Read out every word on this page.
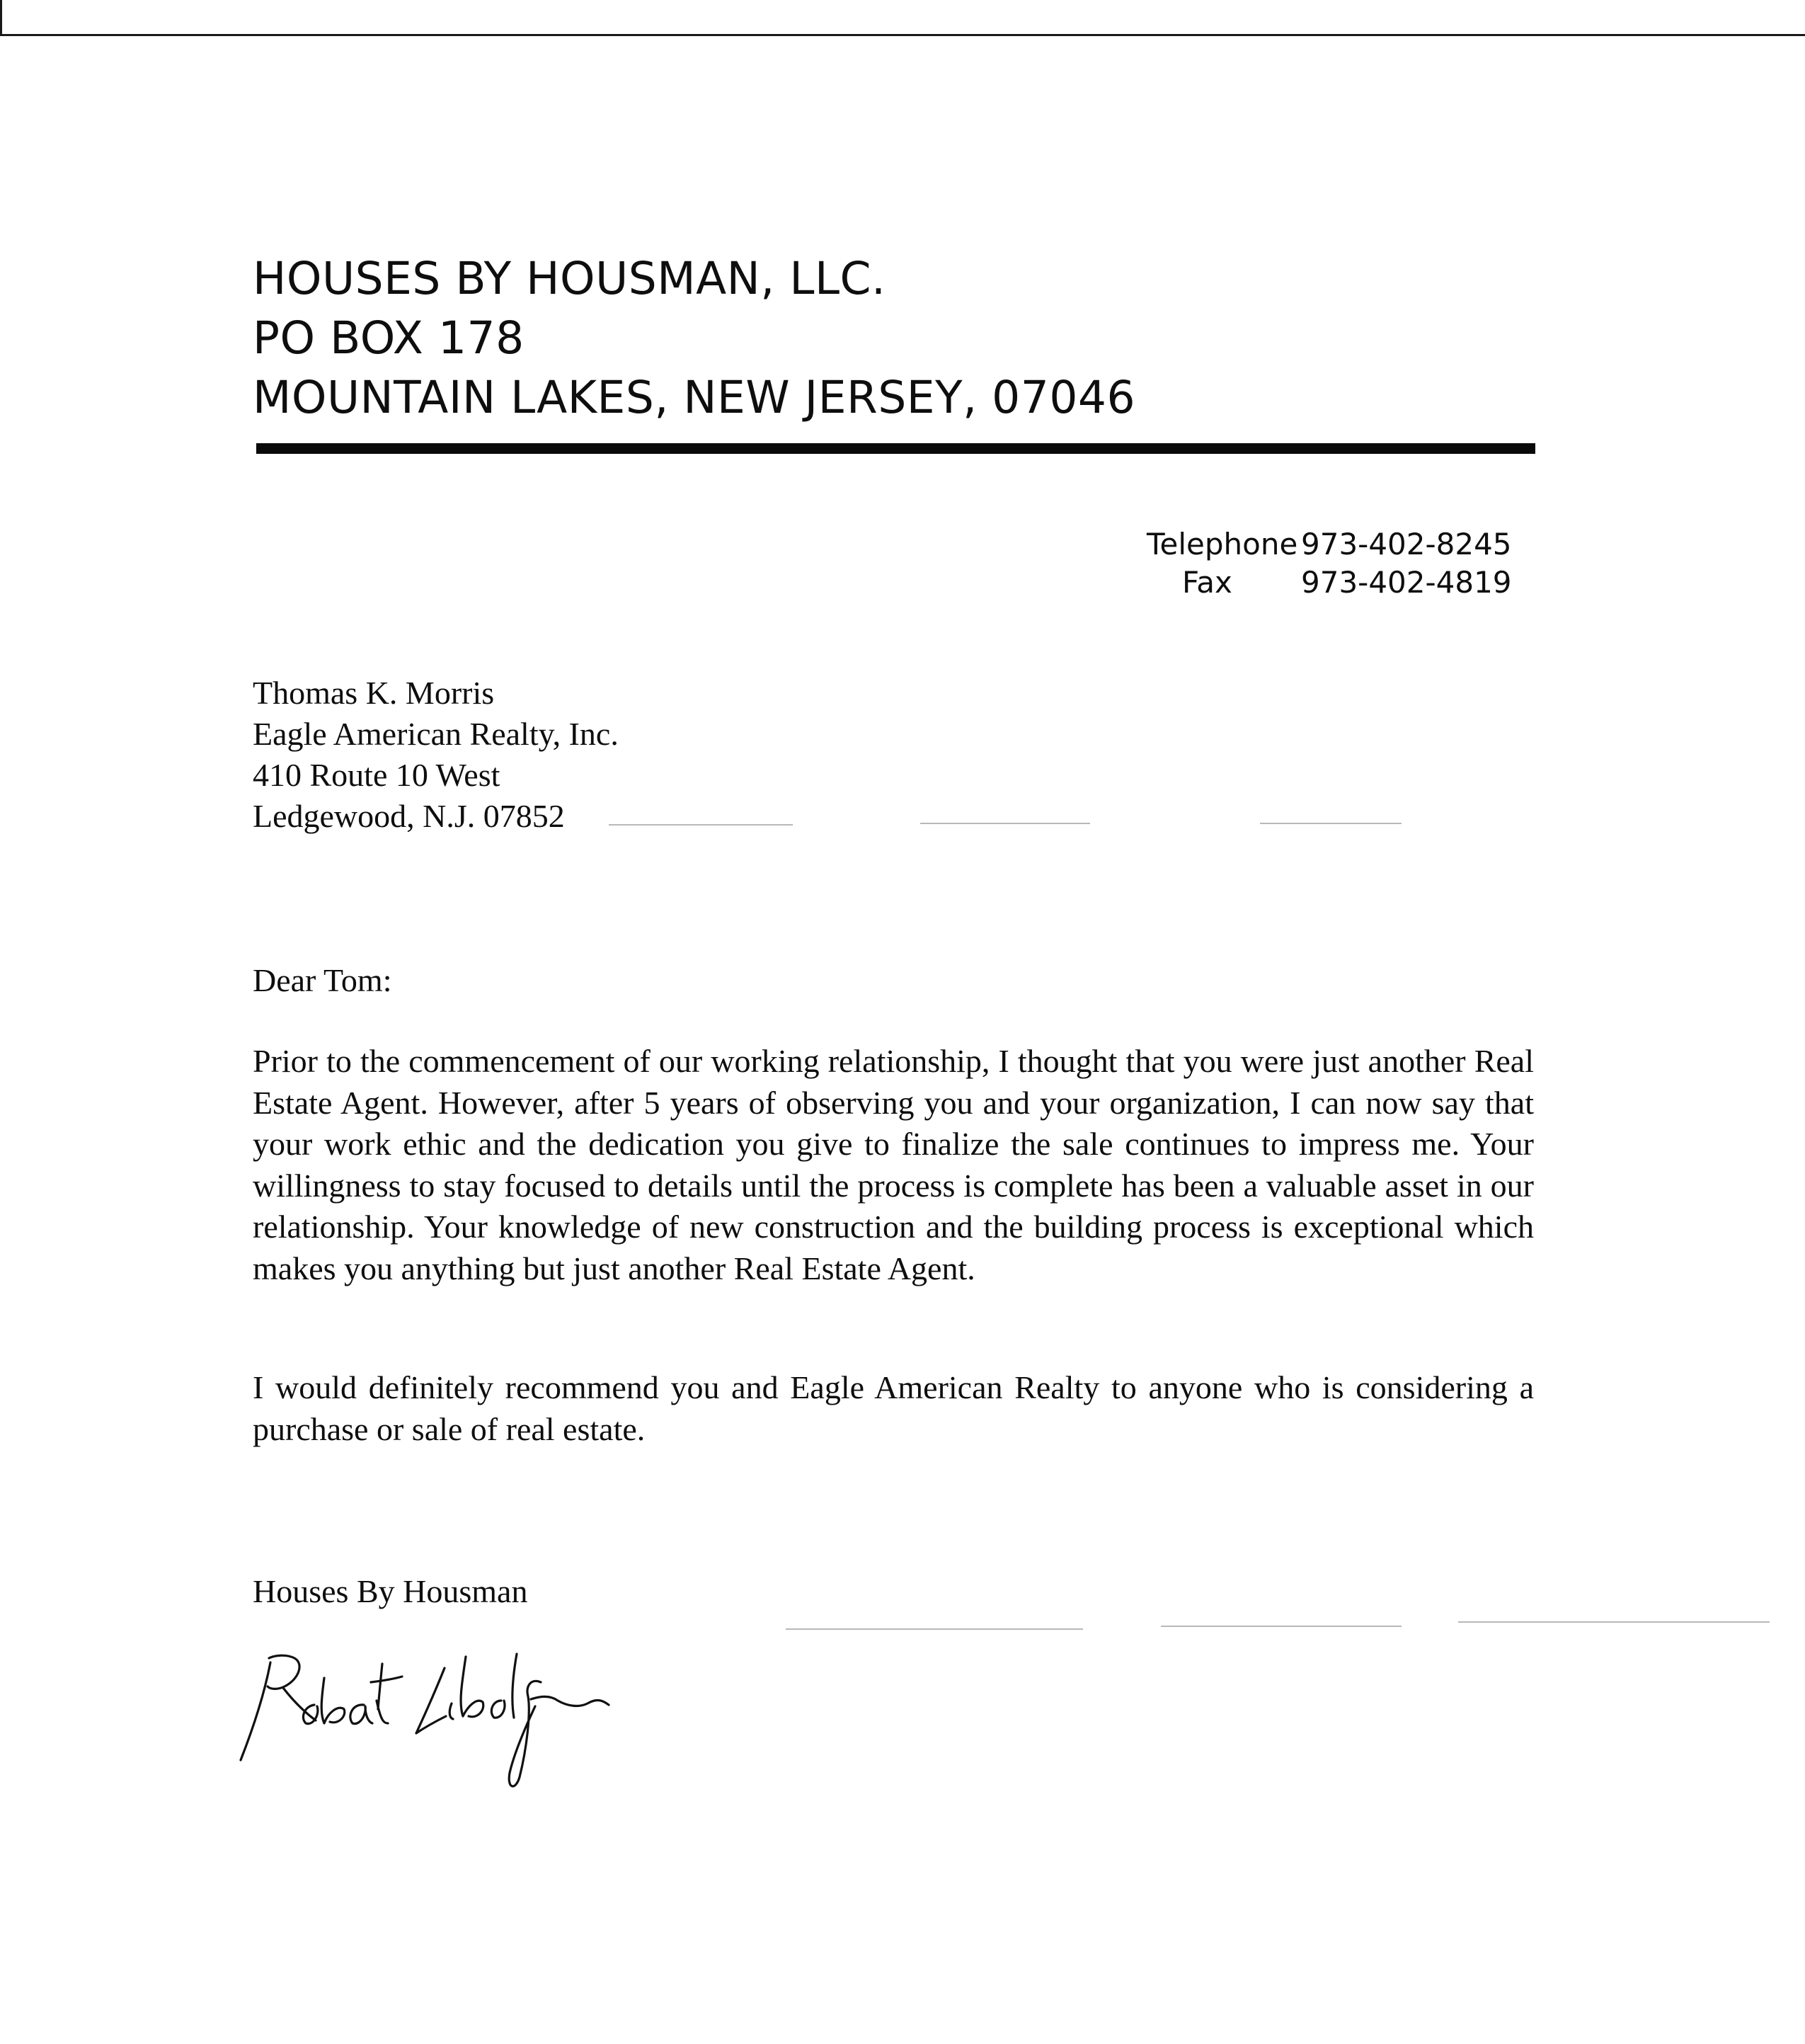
HOUSES BY HOUSMAN, LLC.
PO BOX 178
MOUNTAIN LAKES, NEW JERSEY, 07046
Telephone 973-402-8245
Fax	973-402-4819
Thomas K. Morris
Eagle American Realty, Inc.
410 Route 10 West
Ledgewood, N.J. 07852
Dear Tom:
Prior to the commencement of our working relationship, I thought that you were just another Real Estate Agent. However, after 5 years of observing you and your organization, I can now say that your work ethic and the dedication you give to finalize the sale continues to impress me. Your willingness to stay focused to details until the process is complete has been a valuable asset in our relationship. Your knowledge of new construction and the building process is exceptional which makes you anything but just another Real Estate Agent.
I would definitely recommend you and Eagle American Realty to anyone who is considering a purchase or sale of real estate.
Houses By Housman
